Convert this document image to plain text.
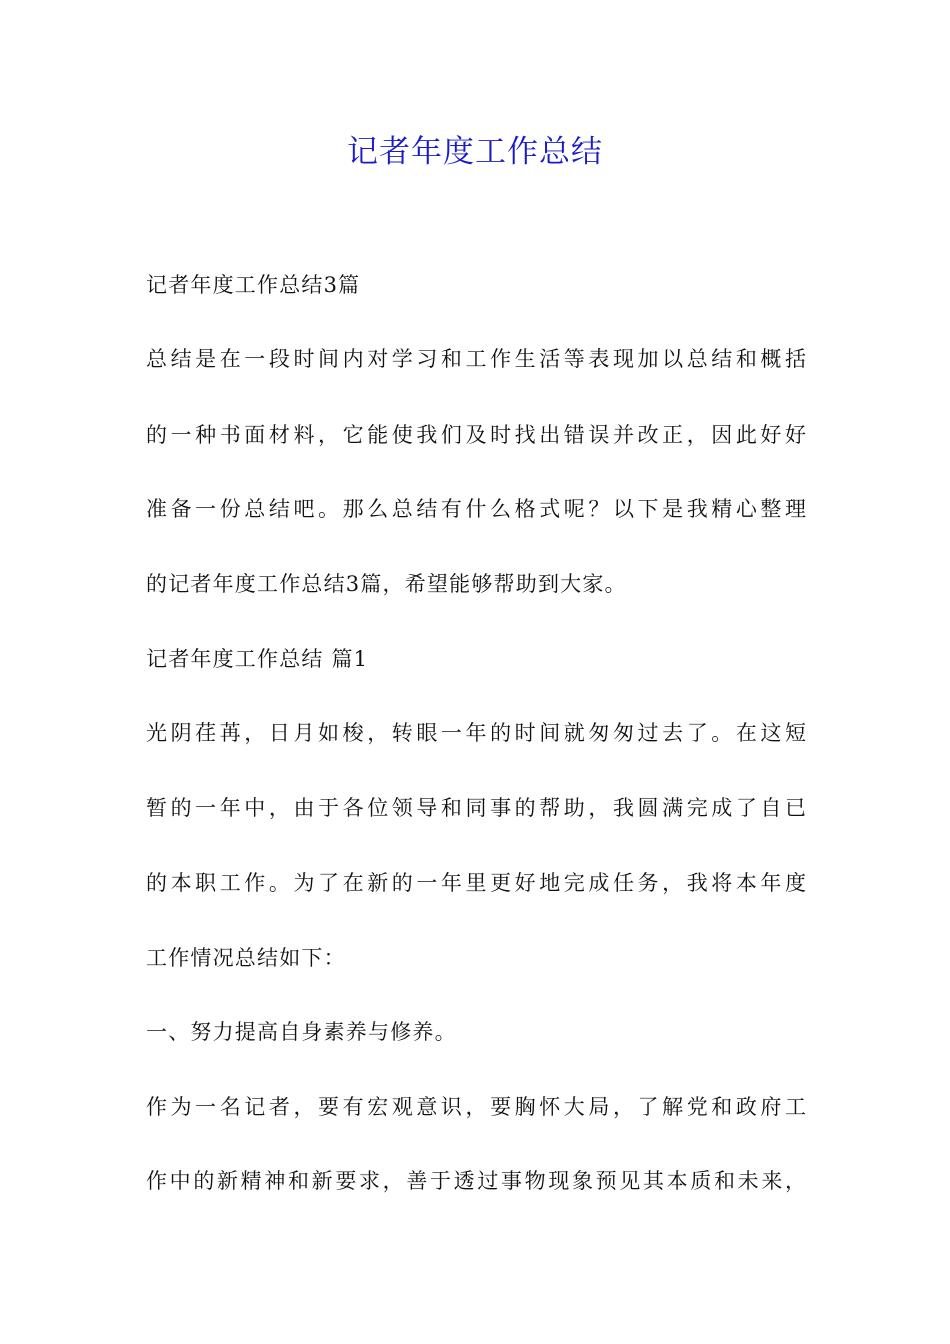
记者年度工作总结
记者年度工作总结3篇
总结是在一段时间内对学习和工作生活等表现加以总结和概括
的一种书面材料，它能使我们及时找出错误并改正，因此好好
准备一份总结吧。那么总结有什么格式呢？以下是我精心整理
的记者年度工作总结3篇，希望能够帮助到大家。
记者年度工作总结 篇1
光阴荏苒，日月如梭，转眼一年的时间就匆匆过去了。在这短
暂的一年中，由于各位领导和同事的帮助，我圆满完成了自已
的本职工作。为了在新的一年里更好地完成任务，我将本年度
工作情况总结如下：
一、努力提高自身素养与修养。
作为一名记者，要有宏观意识，要胸怀大局，了解党和政府工
作中的新精神和新要求，善于透过事物现象预见其本质和未来，
